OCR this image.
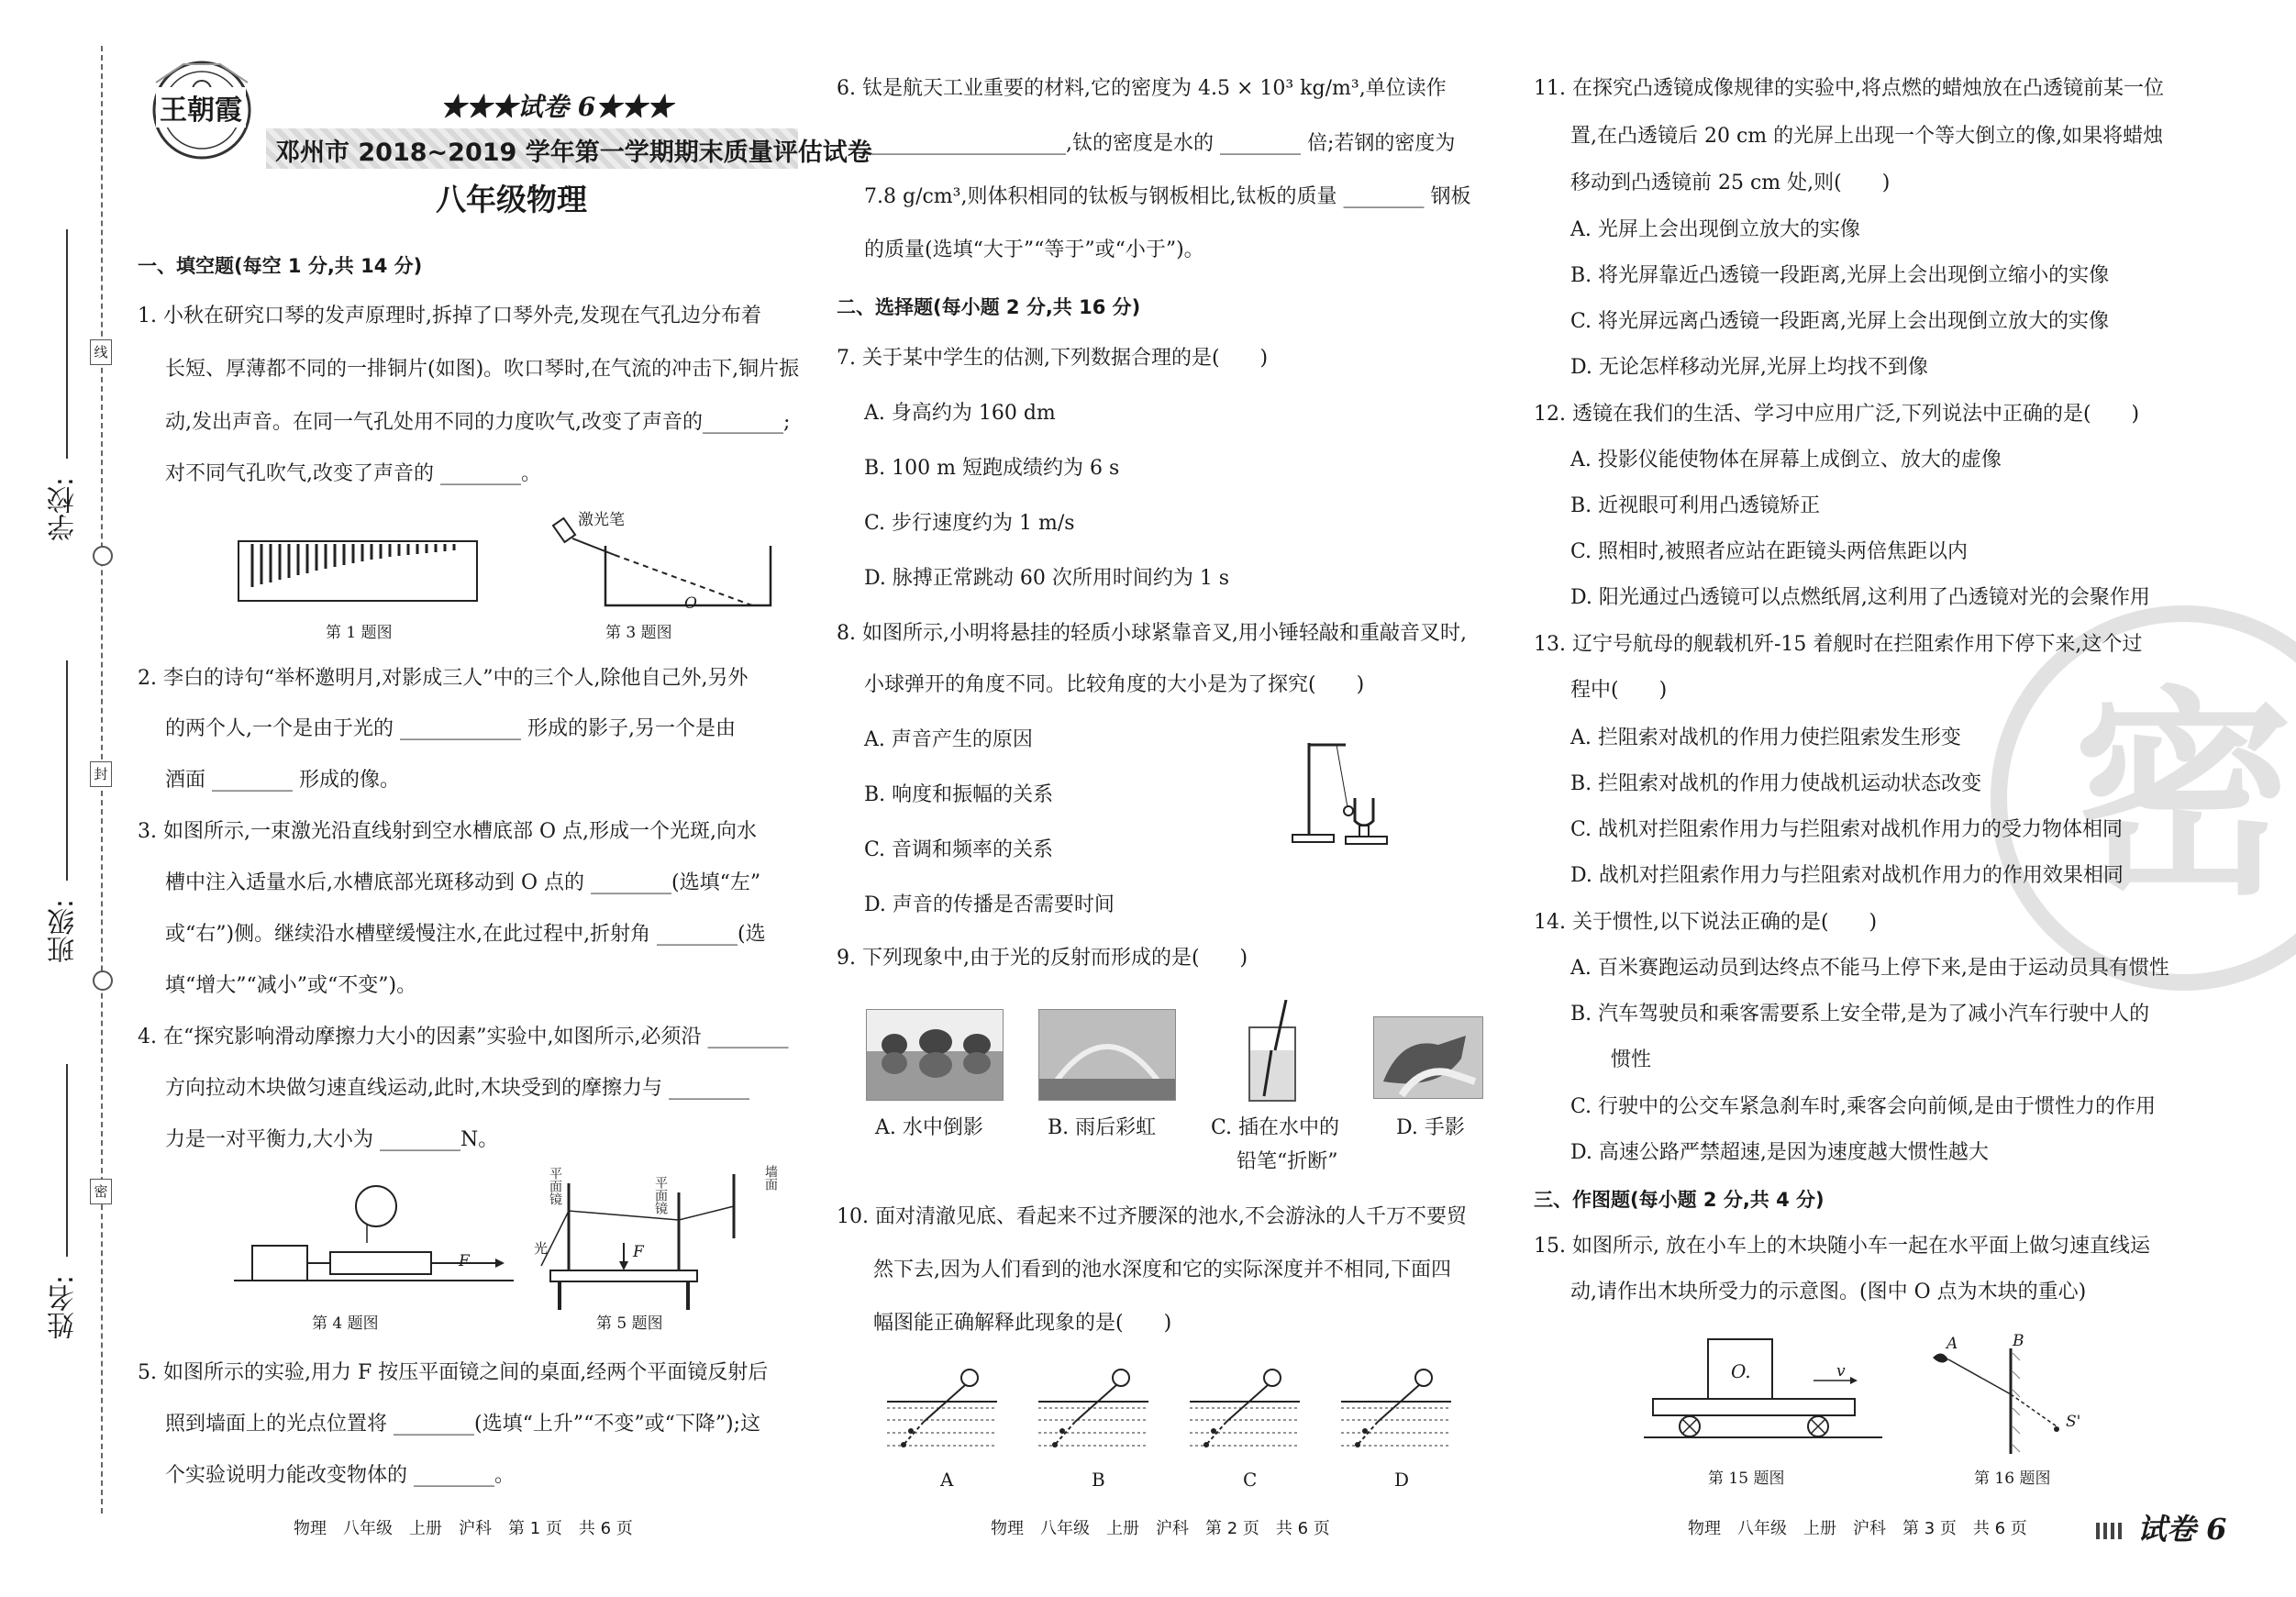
线
封
密
学校:
班级:
姓名:
王朝霞	★★★试卷 6★★★
邓州市 2018~2019 学年第一学期期末质量评估试卷
八年级物理
一、填空题(每空 1 分,共 14 分)
1. 小秋在研究口琴的发声原理时,拆掉了口琴外壳,发现在气孔边分布着
长短、厚薄都不同的一排铜片(如图)。吹口琴时,在气流的冲击下,铜片振
动,发出声音。在同一气孔处用不同的力度吹气,改变了声音的________;
对不同气孔吹气,改变了声音的 ________。
第 1 题图
激光笔
O
第 3 题图
2. 李白的诗句“举杯邀明月,对影成三人”中的三个人,除他自己外,另外
的两个人,一个是由于光的 ____________ 形成的影子,另一个是由
酒面 ________ 形成的像。
3. 如图所示,一束激光沿直线射到空水槽底部 O 点,形成一个光斑,向水
槽中注入适量水后,水槽底部光斑移动到 O 点的 ________(选填“左”
或“右”)侧。继续沿水槽壁缓慢注水,在此过程中,折射角 ________(选
填“增大”“减小”或“不变”)。
4. 在“探究影响滑动摩擦力大小的因素”实验中,如图所示,必须沿 ________
方向拉动木块做匀速直线运动,此时,木块受到的摩擦力与 ________
力是一对平衡力,大小为 ________N。
F
第 4 题图
平面镜	平面镜	墙面
光	F
第 5 题图
5. 如图所示的实验,用力 F 按压平面镜之间的桌面,经两个平面镜反射后
照到墙面上的光点位置将 ________(选填“上升”“不变”或“下降”);这
个实验说明力能改变物体的 ________。
物理　八年级　上册　沪科　第 1 页　共 6 页
6. 钛是航天工业重要的材料,它的密度为 4.5 × 10³ kg/m³,单位读作
____________________,钛的密度是水的 ________ 倍;若钢的密度为
7.8 g/cm³,则体积相同的钛板与钢板相比,钛板的质量 ________ 钢板
的质量(选填“大于”“等于”或“小于”)。
二、选择题(每小题 2 分,共 16 分)
7. 关于某中学生的估测,下列数据合理的是(　　)
A. 身高约为 160 dm
B. 100 m 短跑成绩约为 6 s
C. 步行速度约为 1 m/s
D. 脉搏正常跳动 60 次所用时间约为 1 s
8. 如图所示,小明将悬挂的轻质小球紧靠音叉,用小锤轻敲和重敲音叉时,
小球弹开的角度不同。比较角度的大小是为了探究(　　)
A. 声音产生的原因
B. 响度和振幅的关系
C. 音调和频率的关系
D. 声音的传播是否需要时间
9. 下列现象中,由于光的反射而形成的是(　　)
A. 水中倒影	B. 雨后彩虹	C. 插在水中的
铅笔“折断”
D. 手影
10. 面对清澈见底、看起来不过齐腰深的池水,不会游泳的人千万不要贸
然下去,因为人们看到的池水深度和它的实际深度并不相同,下面四
幅图能正确解释此现象的是(　　)
A	B	C	D
物理　八年级　上册　沪科　第 2 页　共 6 页
密
11. 在探究凸透镜成像规律的实验中,将点燃的蜡烛放在凸透镜前某一位
置,在凸透镜后 20 cm 的光屏上出现一个等大倒立的像,如果将蜡烛
移动到凸透镜前 25 cm 处,则(　　)
A. 光屏上会出现倒立放大的实像
B. 将光屏靠近凸透镜一段距离,光屏上会出现倒立缩小的实像
C. 将光屏远离凸透镜一段距离,光屏上会出现倒立放大的实像
D. 无论怎样移动光屏,光屏上均找不到像
12. 透镜在我们的生活、学习中应用广泛,下列说法中正确的是(　　)
A. 投影仪能使物体在屏幕上成倒立、放大的虚像
B. 近视眼可利用凸透镜矫正
C. 照相时,被照者应站在距镜头两倍焦距以内
D. 阳光通过凸透镜可以点燃纸屑,这利用了凸透镜对光的会聚作用
13. 辽宁号航母的舰载机歼-15 着舰时在拦阻索作用下停下来,这个过
程中(　　)
A. 拦阻索对战机的作用力使拦阻索发生形变
B. 拦阻索对战机的作用力使战机运动状态改变
C. 战机对拦阻索作用力与拦阻索对战机作用力的受力物体相同
D. 战机对拦阻索作用力与拦阻索对战机作用力的作用效果相同
14. 关于惯性,以下说法正确的是(　　)
A. 百米赛跑运动员到达终点不能马上停下来,是由于运动员具有惯性
B. 汽车驾驶员和乘客需要系上安全带,是为了减小汽车行驶中人的
　　惯性
C. 行驶中的公交车紧急刹车时,乘客会向前倾,是由于惯性力的作用
D. 高速公路严禁超速,是因为速度越大惯性越大
三、作图题(每小题 2 分,共 4 分)
15. 如图所示, 放在小车上的木块随小车一起在水平面上做匀速直线运
动,请作出木块所受力的示意图。(图中 O 点为木块的重心)
O.	v
第 15 题图
A	B
S'
第 16 题图
物理　八年级　上册　沪科　第 3 页　共 6 页	试卷 6
